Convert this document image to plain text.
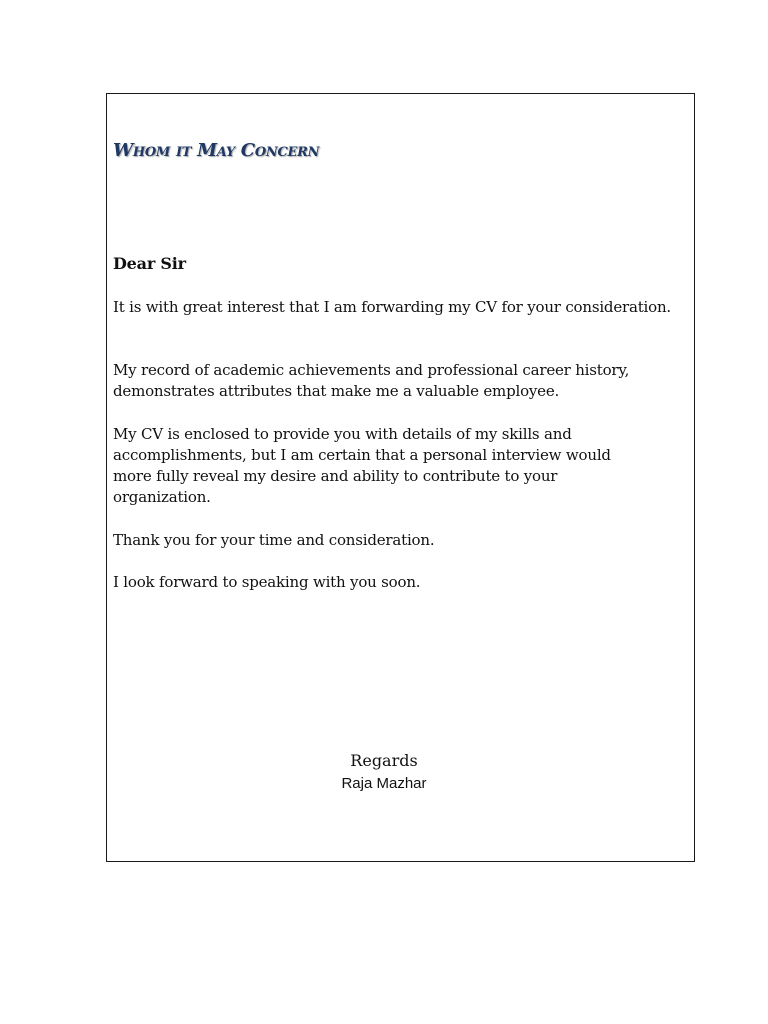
Whom it May Concern

Dear Sir

It is with great interest that I am forwarding my CV for your consideration.

My record of academic achievements and professional career history, demonstrates attributes that make me a valuable employee.

My CV is enclosed to provide you with details of my skills and accomplishments, but I am certain that a personal interview would more fully reveal my desire and ability to contribute to your organization.

Thank you for your time and consideration.

I look forward to speaking with you soon.

Regards

Raja Mazhar
